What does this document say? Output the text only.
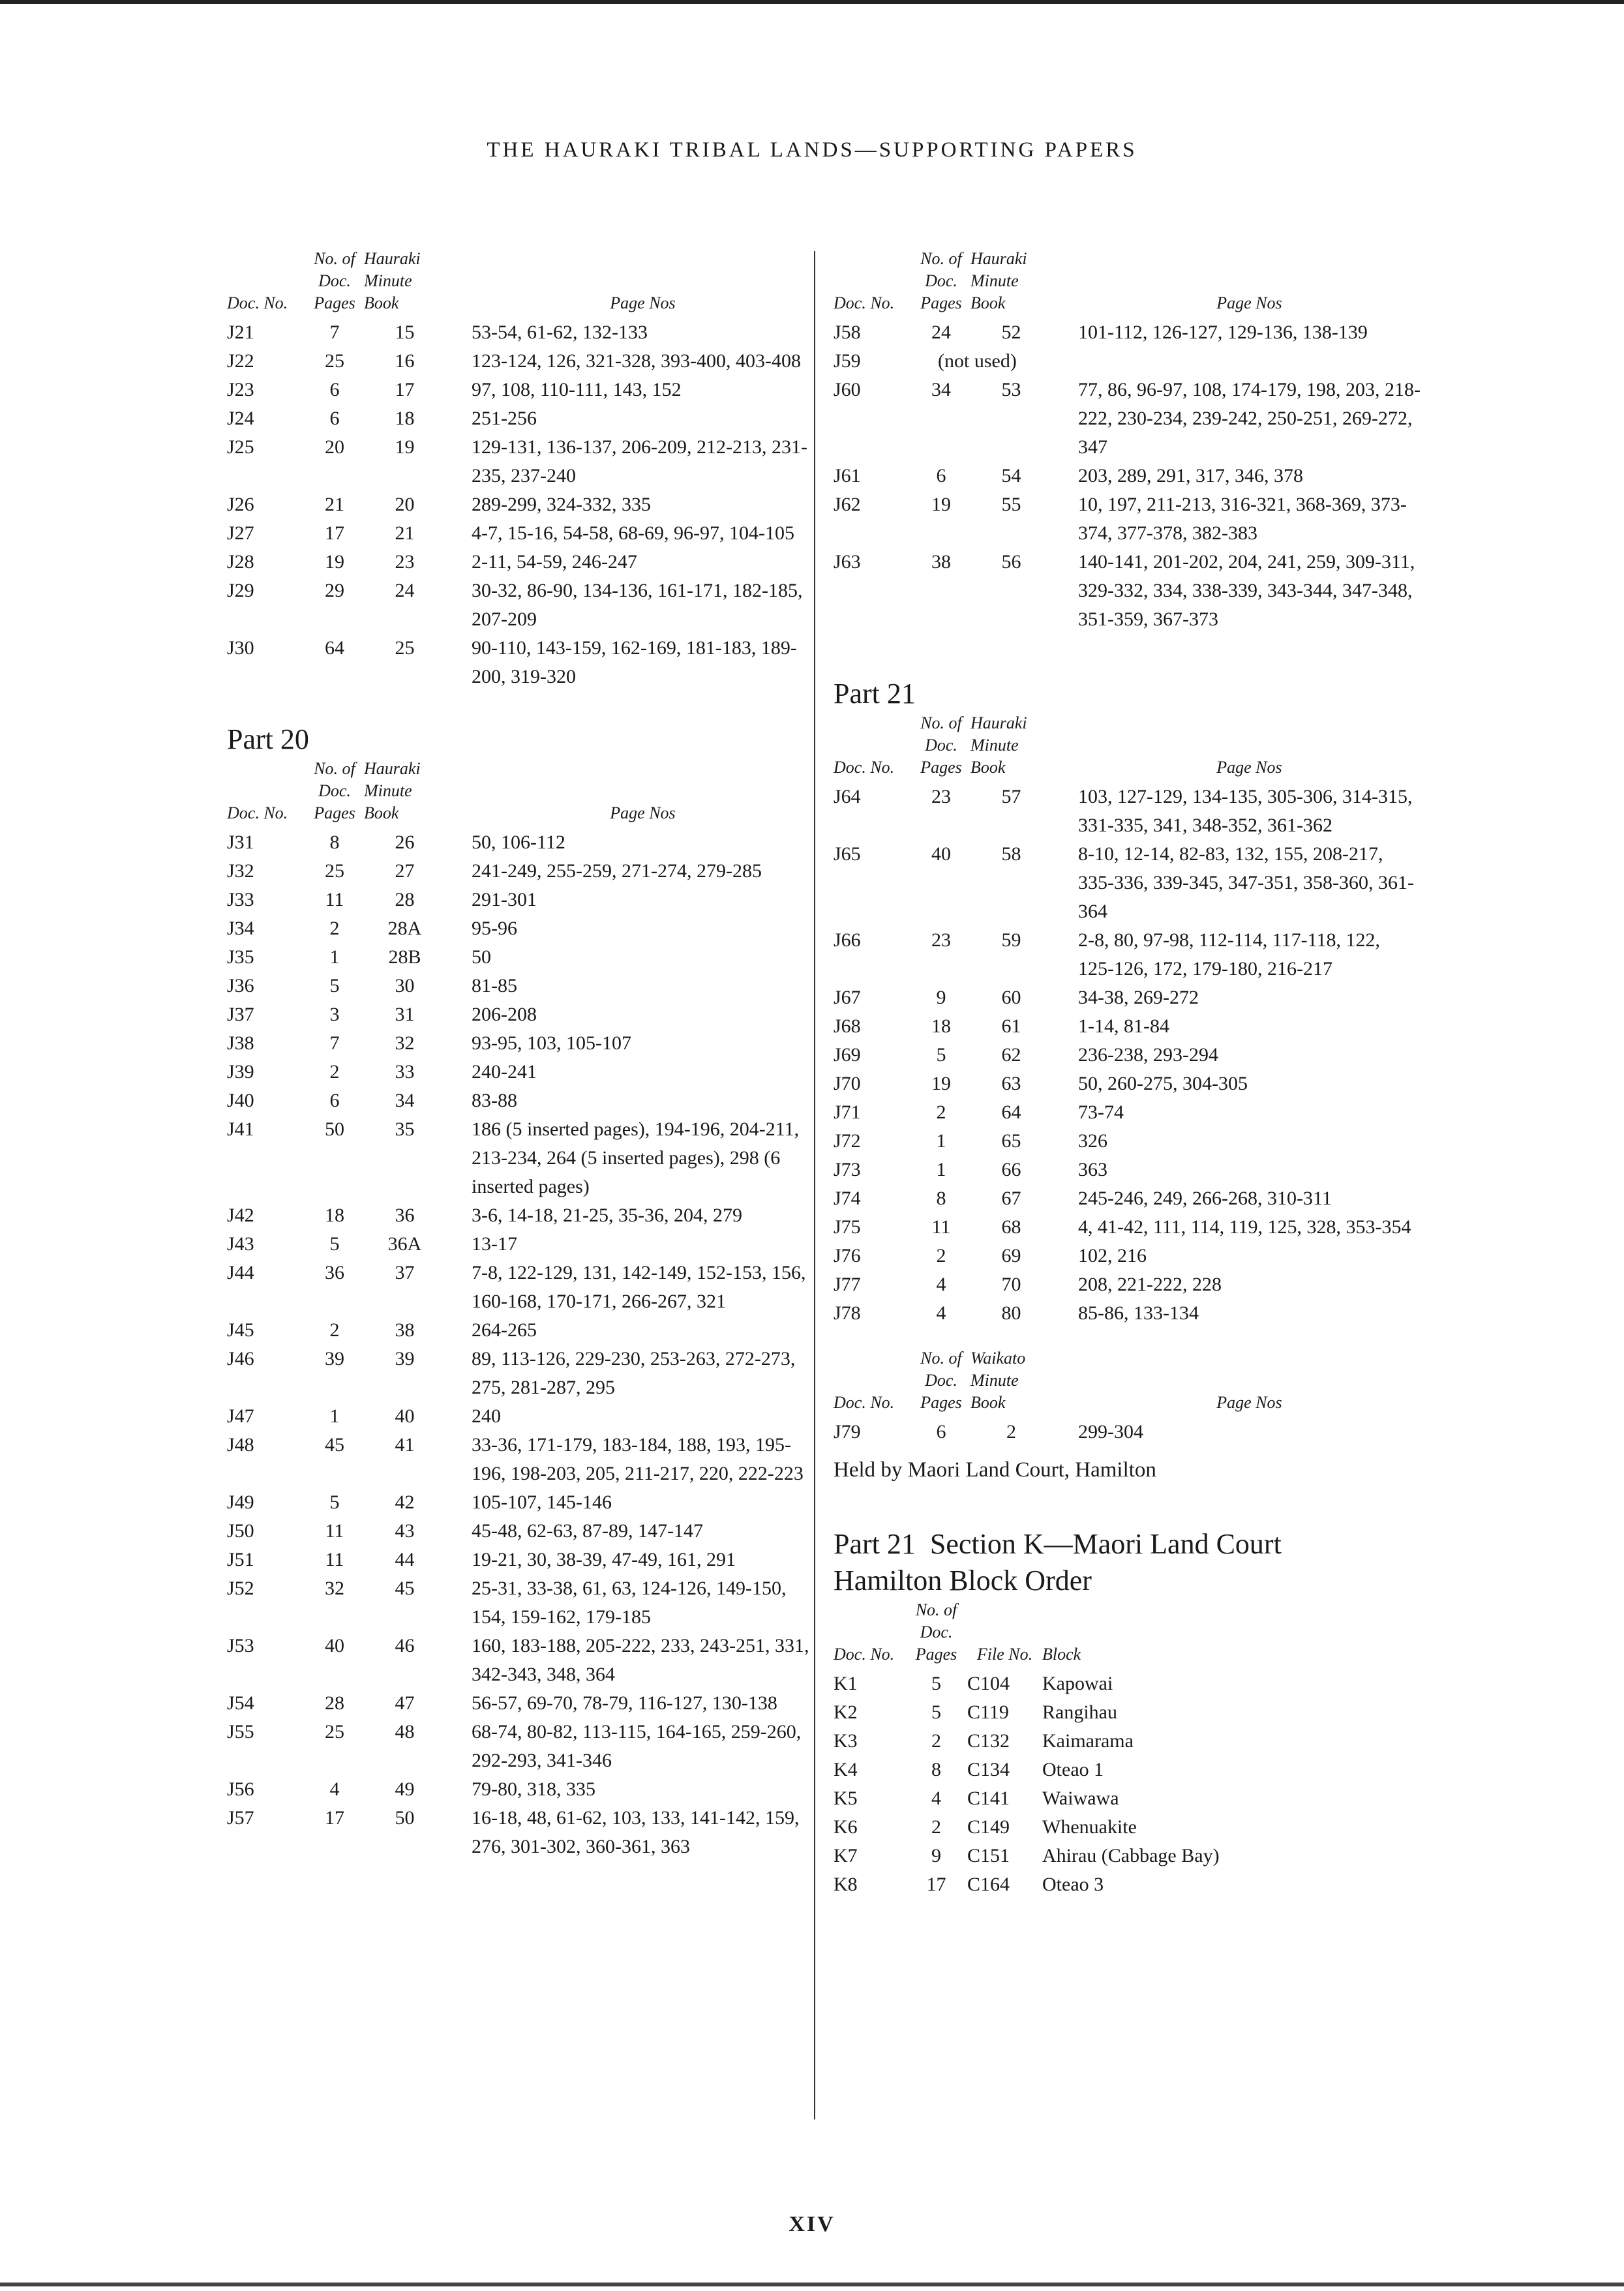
THE HAURAKI TRIBAL LANDS—SUPPORTING PAPERS
Doc. No.	No. of Doc. Pages	Hauraki Minute Book		Page Nos
J21	7	15		53-54, 61-62, 132-133
J22	25	16		123-124, 126, 321-328, 393-400, 403-408
J23	6	17		97, 108, 110-111, 143, 152
J24	6	18		251-256
J25	20	19		129-131, 136-137, 206-209, 212-213, 231-235, 237-240
J26	21	20		289-299, 324-332, 335
J27	17	21		4-7, 15-16, 54-58, 68-69, 96-97, 104-105
J28	19	23		2-11, 54-59, 246-247
J29	29	24		30-32, 86-90, 134-136, 161-171, 182-185, 207-209
J30	64	25		90-110, 143-159, 162-169, 181-183, 189-200, 319-320
Part 20
Doc. No.	No. of Doc. Pages	Hauraki Minute Book		Page Nos
J31	8	26		50, 106-112
J32	25	27		241-249, 255-259, 271-274, 279-285
J33	11	28		291-301
J34	2	28A		95-96
J35	1	28B		50
J36	5	30		81-85
J37	3	31		206-208
J38	7	32		93-95, 103, 105-107
J39	2	33		240-241
J40	6	34		83-88
J41	50	35		186 (5 inserted pages), 194-196, 204-211, 213-234, 264 (5 inserted pages), 298 (6 inserted pages)
J42	18	36		3-6, 14-18, 21-25, 35-36, 204, 279
J43	5	36A		13-17
J44	36	37		7-8, 122-129, 131, 142-149, 152-153, 156, 160-168, 170-171, 266-267, 321
J45	2	38		264-265
J46	39	39		89, 113-126, 229-230, 253-263, 272-273, 275, 281-287, 295
J47	1	40		240
J48	45	41		33-36, 171-179, 183-184, 188, 193, 195-196, 198-203, 205, 211-217, 220, 222-223
J49	5	42		105-107, 145-146
J50	11	43		45-48, 62-63, 87-89, 147-147
J51	11	44		19-21, 30, 38-39, 47-49, 161, 291
J52	32	45		25-31, 33-38, 61, 63, 124-126, 149-150, 154, 159-162, 179-185
J53	40	46		160, 183-188, 205-222, 233, 243-251, 331, 342-343, 348, 364
J54	28	47		56-57, 69-70, 78-79, 116-127, 130-138
J55	25	48		68-74, 80-82, 113-115, 164-165, 259-260, 292-293, 341-346
J56	4	49		79-80, 318, 335
J57	17	50		16-18, 48, 61-62, 103, 133, 141-142, 159, 276, 301-302, 360-361, 363
Doc. No.	No. of Doc. Pages	Hauraki Minute Book		Page Nos
J58	24	52		101-112, 126-127, 129-136, 138-139
J59	(not used)			
J60	34	53		77, 86, 96-97, 108, 174-179, 198, 203, 218-222, 230-234, 239-242, 250-251, 269-272, 347
J61	6	54		203, 289, 291, 317, 346, 378
J62	19	55		10, 197, 211-213, 316-321, 368-369, 373-374, 377-378, 382-383
J63	38	56		140-141, 201-202, 204, 241, 259, 309-311, 329-332, 334, 338-339, 343-344, 347-348, 351-359, 367-373
Part 21
Doc. No.	No. of Doc. Pages	Hauraki Minute Book		Page Nos
J64	23	57		103, 127-129, 134-135, 305-306, 314-315, 331-335, 341, 348-352, 361-362
J65	40	58		8-10, 12-14, 82-83, 132, 155, 208-217, 335-336, 339-345, 347-351, 358-360, 361-364
J66	23	59		2-8, 80, 97-98, 112-114, 117-118, 122, 125-126, 172, 179-180, 216-217
J67	9	60		34-38, 269-272
J68	18	61		1-14, 81-84
J69	5	62		236-238, 293-294
J70	19	63		50, 260-275, 304-305
J71	2	64		73-74
J72	1	65		326
J73	1	66		363
J74	8	67		245-246, 249, 266-268, 310-311
J75	11	68		4, 41-42, 111, 114, 119, 125, 328, 353-354
J76	2	69		102, 216
J77	4	70		208, 221-222, 228
J78	4	80		85-86, 133-134
Doc. No.	No. of Doc. Pages	Waikato Minute Book		Page Nos
J79	6	2		299-304

Held by Maori Land Court, Hamilton

Part 21  Section K—Maori Land Court
Hamilton Block Order
Doc. No.	No. of Doc. Pages	File No.	Block
K1	5	C104	Kapowai
K2	5	C119	Rangihau
K3	2	C132	Kaimarama
K4	8	C134	Oteao 1
K5	4	C141	Waiwawa
K6	2	C149	Whenuakite
K7	9	C151	Ahirau (Cabbage Bay)
K8	17	C164	Oteao 3
XIV
